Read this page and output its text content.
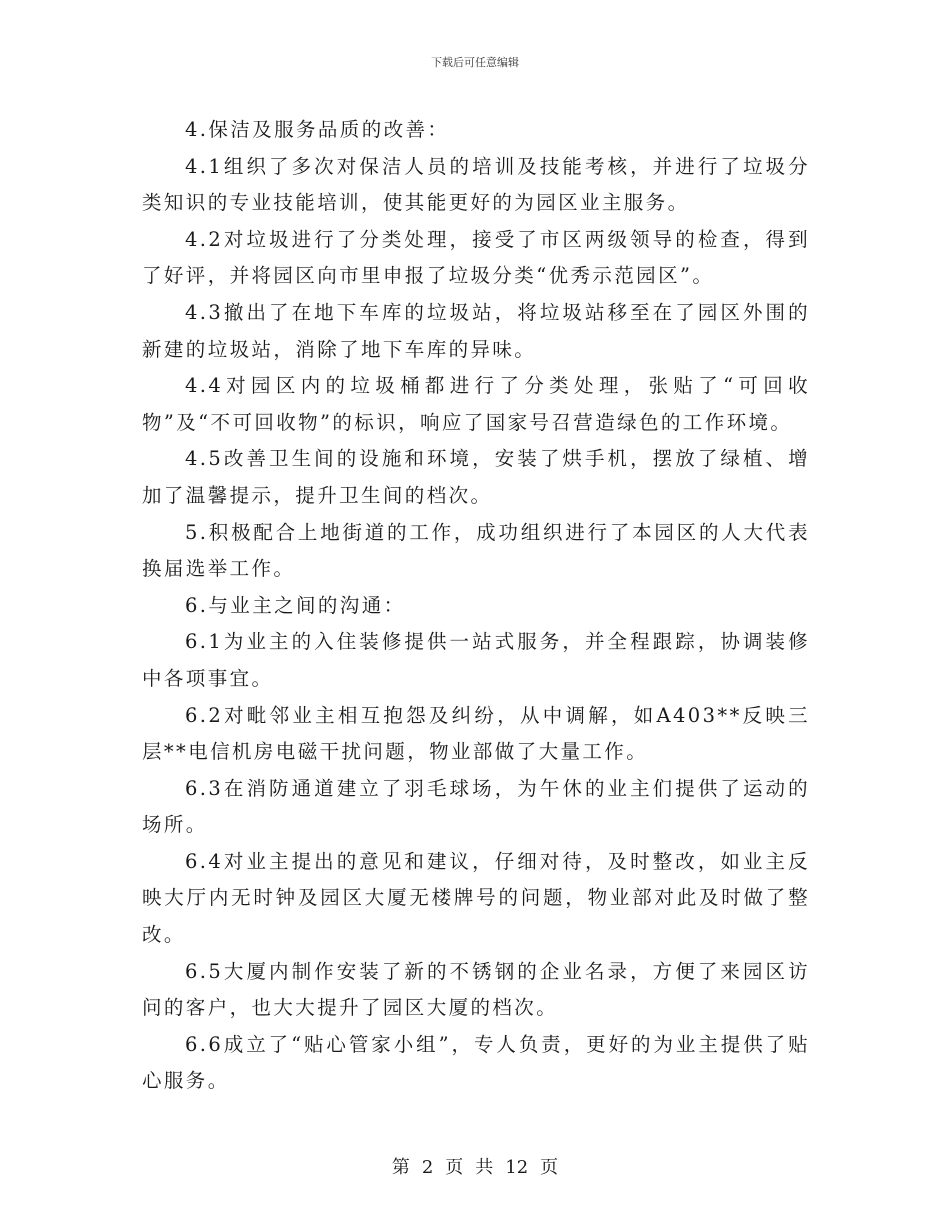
下载后可任意编辑

4.保洁及服务品质的改善：

4.1组织了多次对保洁人员的培训及技能考核，并进行了垃圾分类知识的专业技能培训，使其能更好的为园区业主服务。

4.2对垃圾进行了分类处理，接受了市区两级领导的检查，得到了好评，并将园区向市里申报了垃圾分类“优秀示范园区”。

4.3撤出了在地下车库的垃圾站，将垃圾站移至在了园区外围的新建的垃圾站，消除了地下车库的异味。

4.4对园区内的垃圾桶都进行了分类处理，张贴了“可回收物”及“不可回收物”的标识，响应了国家号召营造绿色的工作环境。

4.5改善卫生间的设施和环境，安装了烘手机，摆放了绿植、增加了温馨提示，提升卫生间的档次。

5.积极配合上地街道的工作，成功组织进行了本园区的人大代表换届选举工作。

6.与业主之间的沟通：

6.1为业主的入住装修提供一站式服务，并全程跟踪，协调装修中各项事宜。

6.2对毗邻业主相互抱怨及纠纷，从中调解，如A403**反映三层**电信机房电磁干扰问题，物业部做了大量工作。

6.3在消防通道建立了羽毛球场，为午休的业主们提供了运动的场所。

6.4对业主提出的意见和建议，仔细对待，及时整改，如业主反映大厅内无时钟及园区大厦无楼牌号的问题，物业部对此及时做了整改。

6.5大厦内制作安装了新的不锈钢的企业名录，方便了来园区访问的客户，也大大提升了园区大厦的档次。

6.6成立了“贴心管家小组”，专人负责，更好的为业主提供了贴心服务。

第 2 页 共 12 页
